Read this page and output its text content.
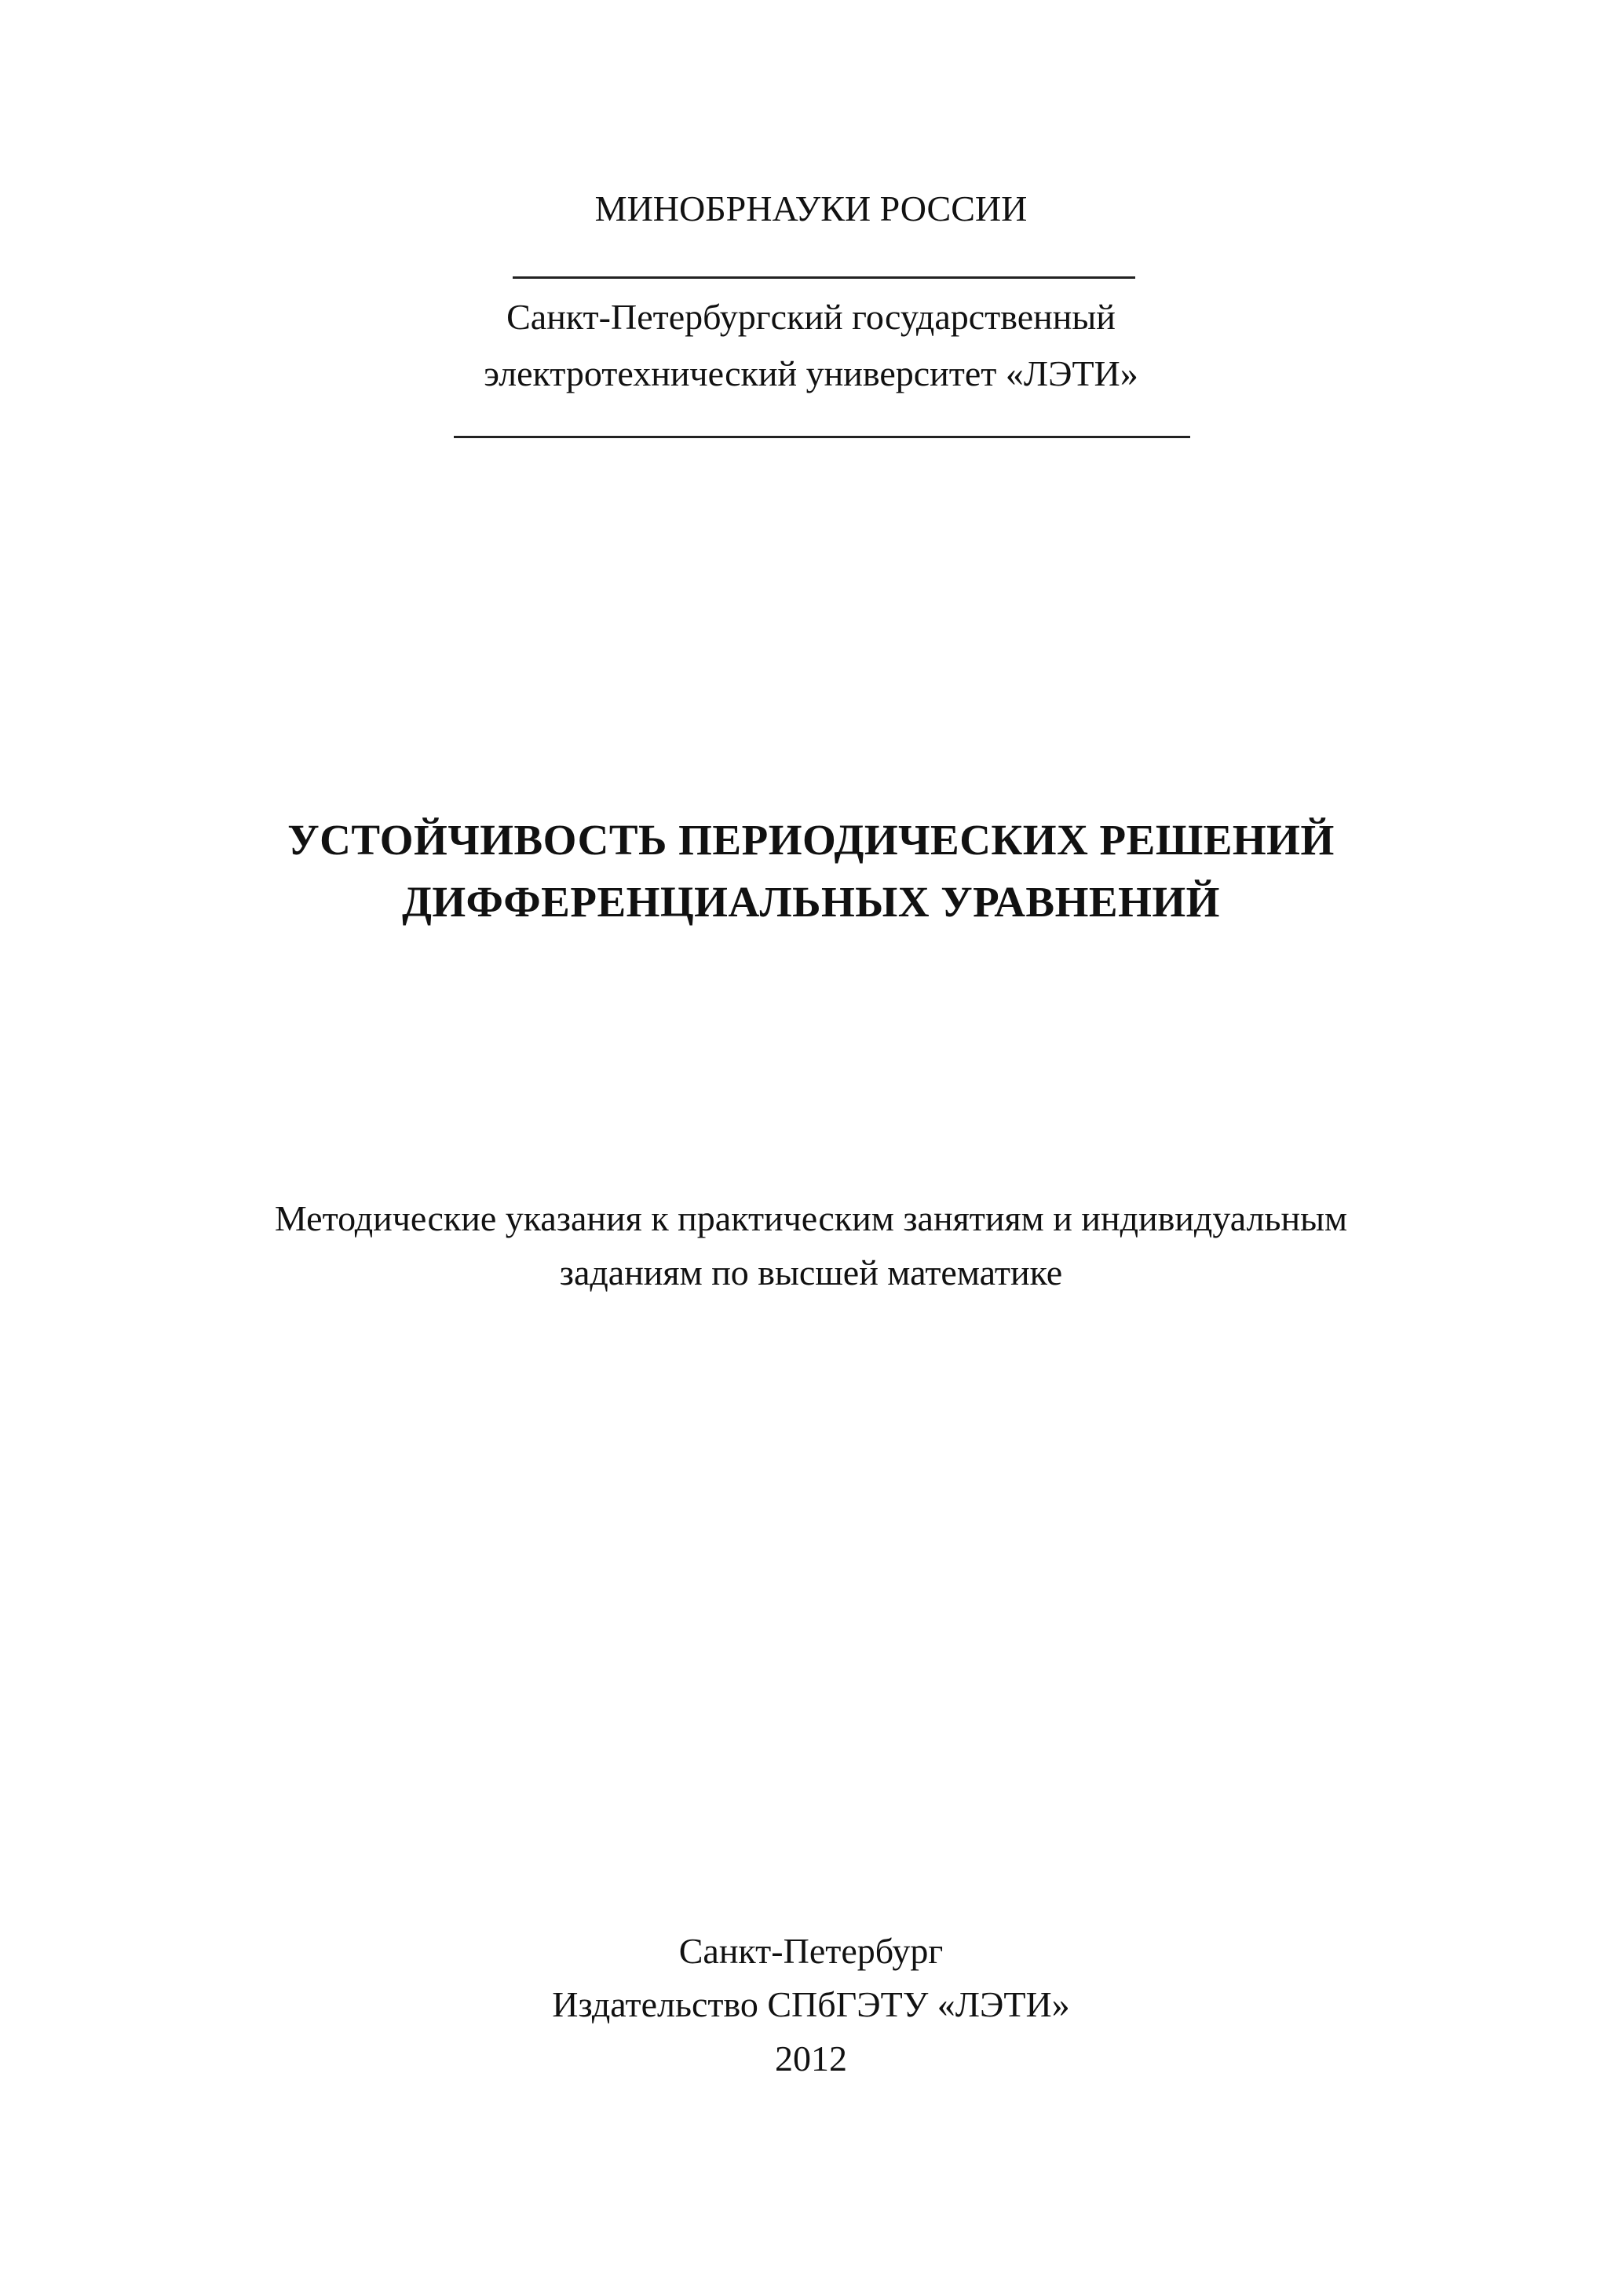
МИНОБРНАУКИ РОССИИ
Санкт-Петербургский государственный
электротехнический университет «ЛЭТИ»
УСТОЙЧИВОСТЬ ПЕРИОДИЧЕСКИХ РЕШЕНИЙ
ДИФФЕРЕНЦИАЛЬНЫХ УРАВНЕНИЙ
Методические указания к практическим занятиям и индивидуальным
заданиям по высшей математике
Санкт-Петербург
Издательство СПбГЭТУ «ЛЭТИ»
2012
